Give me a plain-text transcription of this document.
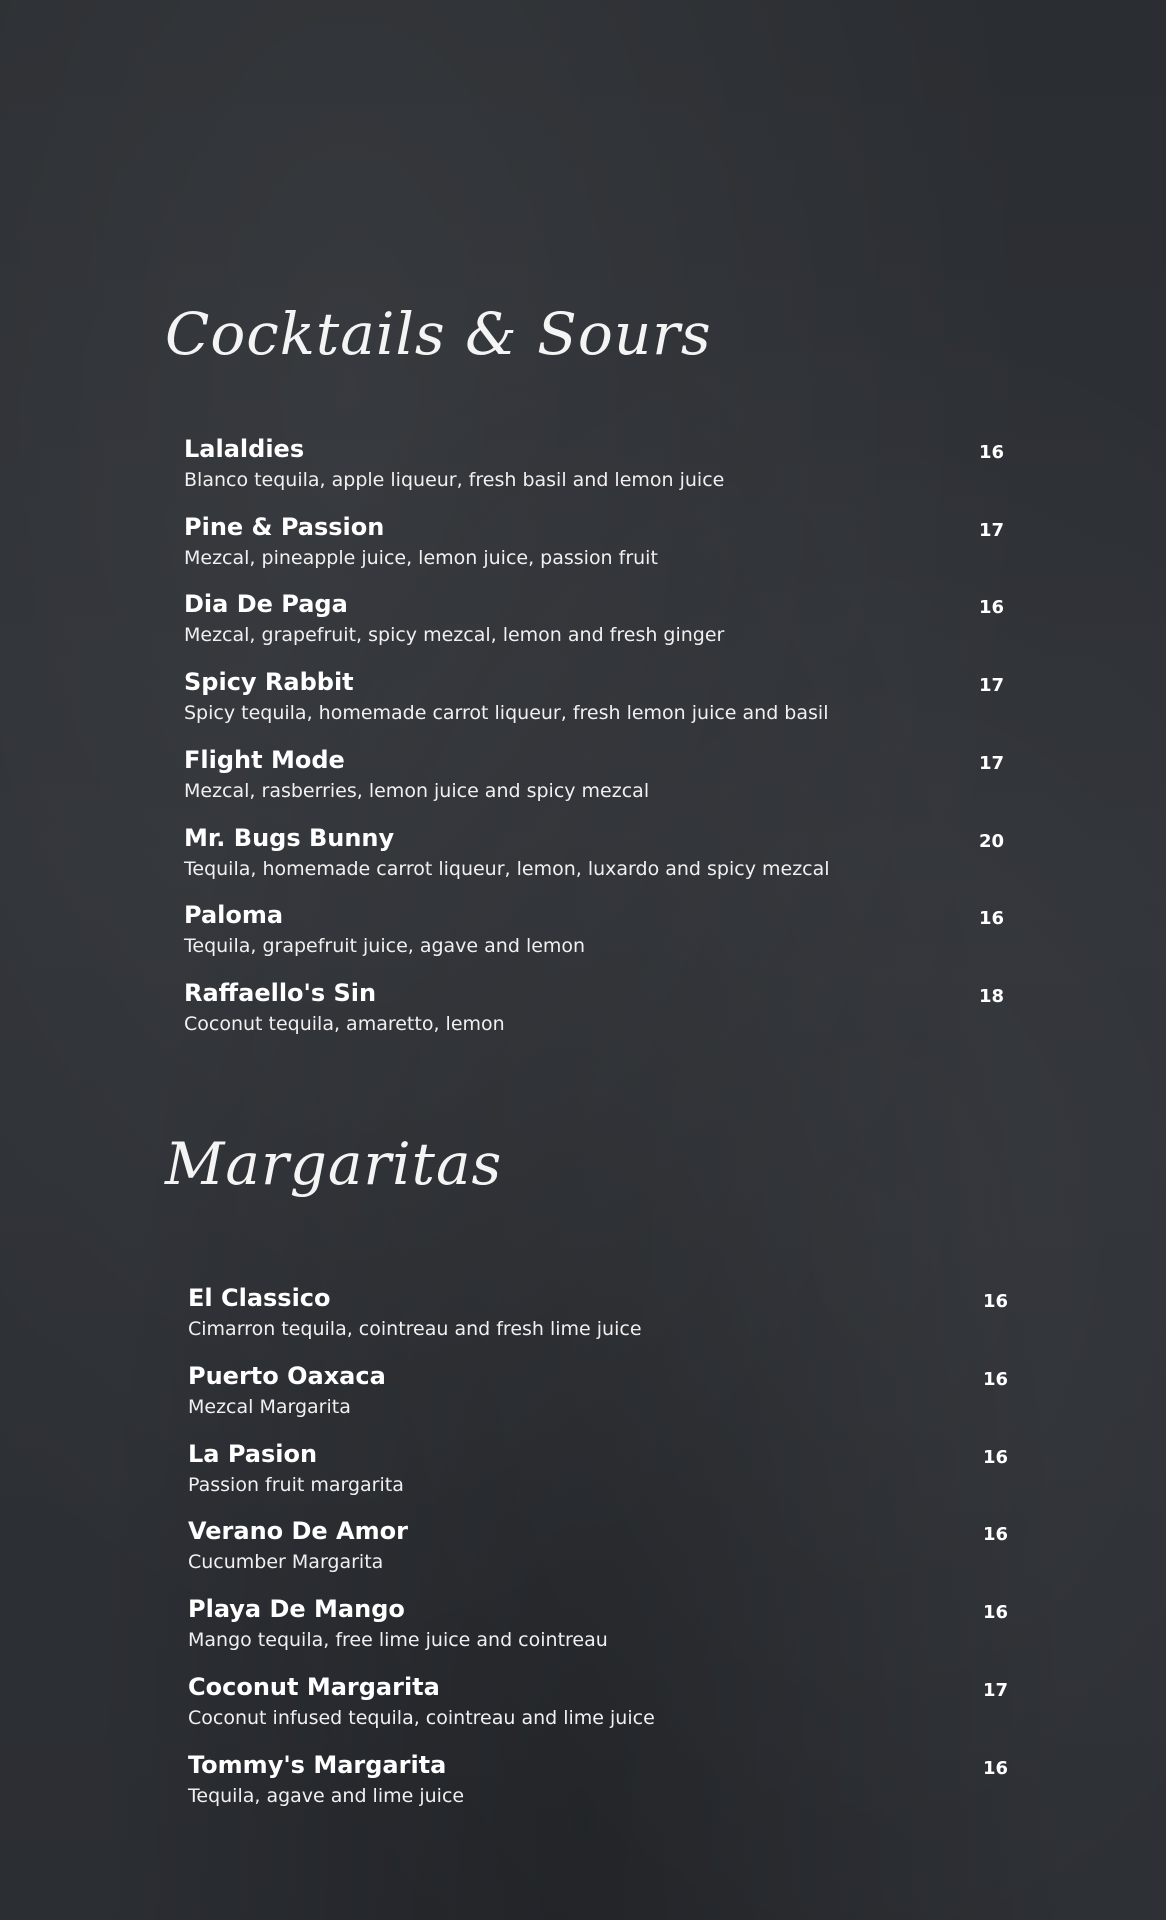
Cocktails & Sours
Lalaldies
Blanco tequila, apple liqueur, fresh basil and lemon juice
16
Pine & Passion
Mezcal, pineapple juice, lemon juice, passion fruit
17
Dia De Paga
Mezcal, grapefruit, spicy mezcal, lemon and fresh ginger
16
Spicy Rabbit
Spicy tequila, homemade carrot liqueur, fresh lemon juice and basil
17
Flight Mode
Mezcal, rasberries, lemon juice and spicy mezcal
17
Mr. Bugs Bunny
Tequila, homemade carrot liqueur, lemon, luxardo and spicy mezcal
20
Paloma
Tequila, grapefruit juice, agave and lemon
16
Raffaello's Sin
Coconut tequila, amaretto, lemon
18
Margaritas
El Classico
Cimarron tequila, cointreau and fresh lime juice
16
Puerto Oaxaca
Mezcal Margarita
16
La Pasion
Passion fruit margarita
16
Verano De Amor
Cucumber Margarita
16
Playa De Mango
Mango tequila, free lime juice and cointreau
16
Coconut Margarita
Coconut infused tequila, cointreau and lime juice
17
Tommy's Margarita
Tequila, agave and lime juice
16
